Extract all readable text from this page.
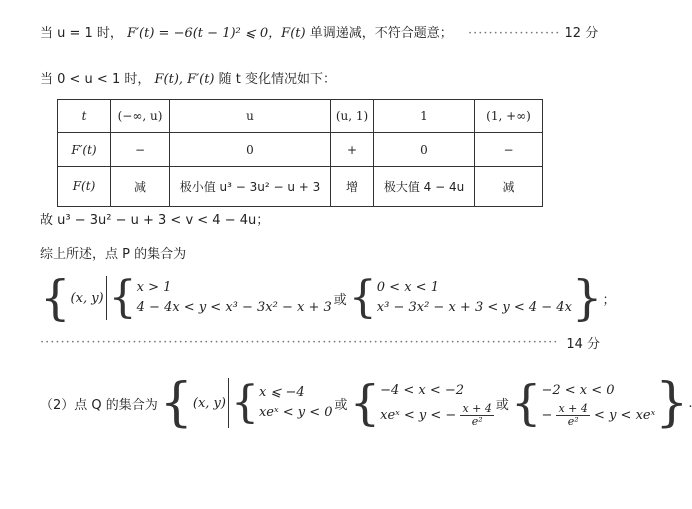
当 u = 1 时， F′(t) = −6(t − 1)² ⩽ 0，F(t) 单调递减，不符合题意； ·················· 12 分
当 0 < u < 1 时， F(t), F′(t) 随 t 变化情况如下：
t	(−∞, u)	u	(u, 1)	1	(1, +∞)
F′(t)	−	0	+	0	−
F(t)	减	极小值 u³ − 3u² − u + 3	增	极大值 4 − 4u	减
故 u³ − 3u² − u + 3 < v < 4 − 4u；
综上所述，点 P 的集合为
{ (x, y) { x > 1
4 − 4x < y < x³ − 3x² − x + 3 或 { 0 < x < 1
x³ − 3x² − x + 3 < y < 4 − 4x } ；
····································································································· 14 分
（2）点 Q 的集合为 { (x, y) { x ⩽ −4
xeˣ < y < 0 或 { −4 < x < −2
xeˣ < y < − $\frac{x + 4}{\text{e²}}$ 或 { −2 < x < 0
− $\frac{x + 4}{\text{e²}} < y$ < xeˣ }
